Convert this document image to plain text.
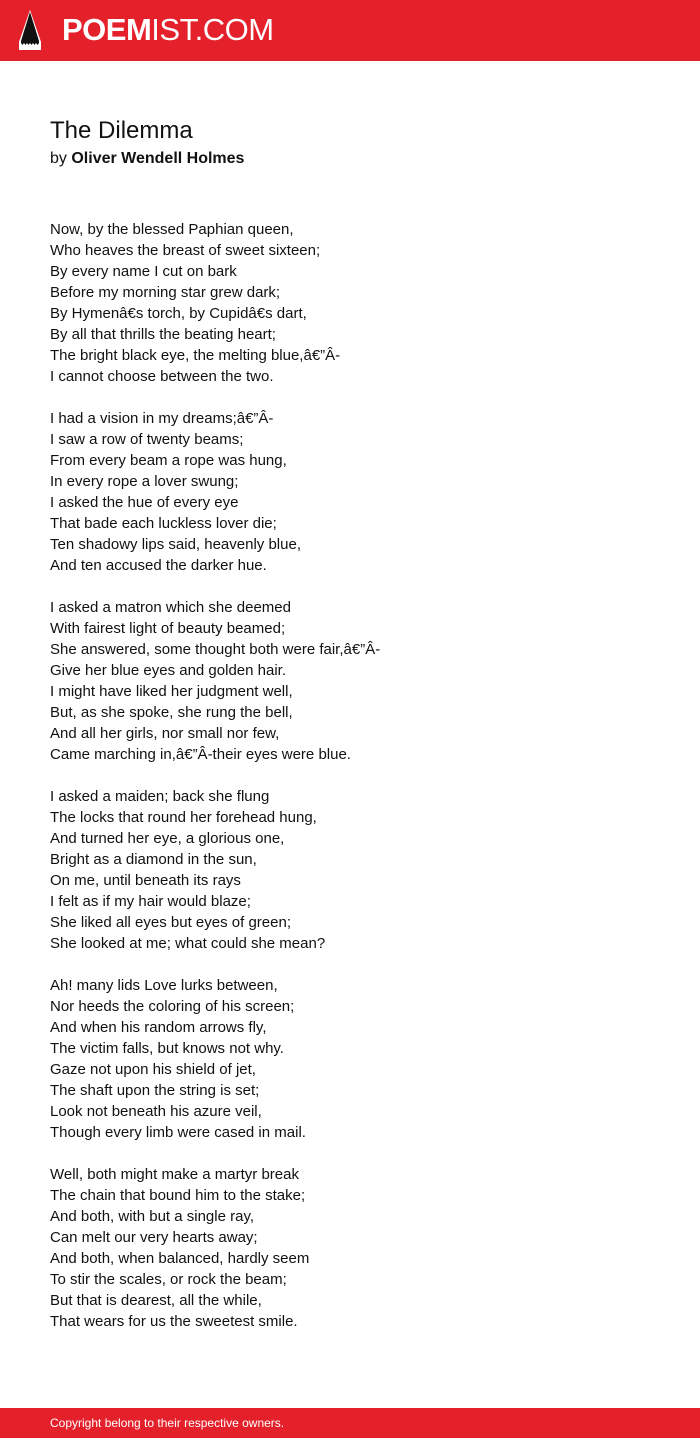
POEMIST.COM
The Dilemma
by Oliver Wendell Holmes
Now, by the blessed Paphian queen,
Who heaves the breast of sweet sixteen;
By every name I cut on bark
Before my morning star grew dark;
By Hymenâ€s torch, by Cupidâ€s dart,
By all that thrills the beating heart;
The bright black eye, the melting blue,â€”Â-
I cannot choose between the two.
I had a vision in my dreams;â€”Â-
I saw a row of twenty beams;
From every beam a rope was hung,
In every rope a lover swung;
I asked the hue of every eye
That bade each luckless lover die;
Ten shadowy lips said, heavenly blue,
And ten accused the darker hue.
I asked a matron which she deemed
With fairest light of beauty beamed;
She answered, some thought both were fair,â€”Â-
Give her blue eyes and golden hair.
I might have liked her judgment well,
But, as she spoke, she rung the bell,
And all her girls, nor small nor few,
Came marching in,â€”Â-their eyes were blue.
I asked a maiden; back she flung
The locks that round her forehead hung,
And turned her eye, a glorious one,
Bright as a diamond in the sun,
On me, until beneath its rays
I felt as if my hair would blaze;
She liked all eyes but eyes of green;
She looked at me; what could she mean?
Ah! many lids Love lurks between,
Nor heeds the coloring of his screen;
And when his random arrows fly,
The victim falls, but knows not why.
Gaze not upon his shield of jet,
The shaft upon the string is set;
Look not beneath his azure veil,
Though every limb were cased in mail.
Well, both might make a martyr break
The chain that bound him to the stake;
And both, with but a single ray,
Can melt our very hearts away;
And both, when balanced, hardly seem
To stir the scales, or rock the beam;
But that is dearest, all the while,
That wears for us the sweetest smile.
Copyright belong to their respective owners.
